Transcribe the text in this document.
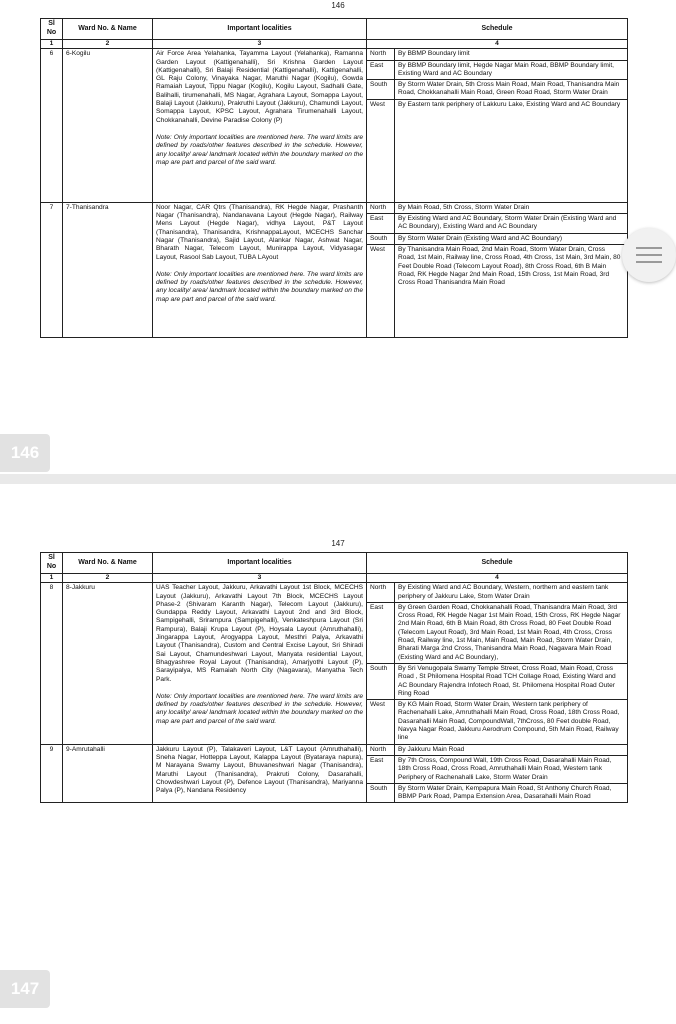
146
Sl No	Ward No. & Name	Important localities	Schedule	
1	2	3	4	
6	6-Kogilu	Air Force Area Yelahanka, Tayamma Layout (Yelahanka), Ramanna Garden Layout (Kattigenahalli), Sri Krishna Garden Layout (Kattigenahalli), Sri Balaji Residential (Kattigenahalli), Kattigenahalli, GL Raju Colony, Vinayaka Nagar, Maruthi Nagar (Kogilu), Gowda Ramaiah Layout, Tippu Nagar (Kogilu), Kogilu Layout, Sadhalli Gate, Balihalli, tirumenahalli, MS Nagar, Agrahara Layout, Somappa Layout, Balaji Layout (Jakkuru), Prakruthi Layout (Jakkuru), Chamundi Layout, Somappa Layout, KPSC Layout, Agrahara Tirumenahalli Layout, Chokkanahalli, Devine Paradise Colony (P)
Note: Only important localities are mentioned here. The ward limits are defined by roads/other features described in the schedule. However, any locality/ area/ landmark located within the boundary marked on the map are part and parcel of the said ward.	North	By BBMP Boundary limit
			East	By BBMP Boundary limit, Hegde Nagar Main Road, BBMP Boundary limit, Existing Ward and AC Boundary
			South	By Storm Water Drain, 5th Cross Main Road, Main Road, Thanisandra Main Road, Chokkanahalli Main Road, Green Road Road, Storm Water Drain
			West	By Eastern tank periphery of Lakkuru Lake, Existing Ward and AC Boundary
7	7-Thanisandra	Noor Nagar, CAR Qtrs (Thanisandra), RK Hegde Nagar, Prashanth Nagar (Thanisandra), Nandanavana Layout (Hegde Nagar), Railway Mens Layout (Hegde Nagar), vidhya Layout, P&T Layout (Thanisandra), Thanisandra, KrishnappaLayout, MCECHS Sanchar Nagar (Thanisandra), Sajid Layout, Alankar Nagar, Ashwat Nagar, Bharath Nagar, Telecom Layout, Munirappa Layout, Vidyasagar Layout, Rasool Sab Layout, TUBA LAyout
Note: Only important localities are mentioned here. The ward limits are defined by roads/other features described in the schedule. However, any locality/ area/ landmark located within the boundary marked on the map are part and parcel of the said ward.	North	By Main Road, 5th Cross, Storm Water Drain
			East	By Existing Ward and AC Boundary, Storm Water Drain (Existing Ward and AC Boundary), Existing Ward and AC Boundary
			South	By Storm Water Drain (Existing Ward and AC Boundary)
			West	By Thanisandra Main Road, 2nd Main Road, Storm Water Drain, Cross Road, 1st Main, Railway line, Cross Road, 4th Cross, 1st Main, 3rd Main, 80 Feet Double Road (Telecom Layout Road), 8th Cross Road, 6th B Main Road, RK Hegde Nagar 2nd Main Road, 15th Cross, 1st Main Road, 3rd Cross Road Thanisandra Main Road
146
147
Sl No	Ward No. & Name	Important localities	Schedule	
1	2	3	4	
8	8-Jakkuru	UAS Teacher Layout, Jakkuru, Arkavathi Layout 1st Block, MCECHS Layout (Jakkuru), Arkavathi Layout 7th Block, MCECHS Layout Phase-2 (Shivaram Karanth Nagar), Telecom Layout (Jakkuru), Gundappa Reddy Layout, Arkavathi Layout 2nd and 3rd Block, Sampigehalli, Srirampura (Sampigehalli), Venkateshpura Layout (Sri Rampura), Balaji Krupa Layout (P), Hoysala Layout (Amruthahalli), Jingarappa Layout, Arogyappa Layout, Mesthri Palya, Arkavathi Layout (Thanisandra), Custom and Central Excise Layout, Sri Shiradi Sai Layout, Chamundeshwari Layout, Manyata residential Layout, Bhagyashree Royal Layout (Thanisandra), Amarjyothi Layout (P), Sarayipalya, MS Ramaiah North City (Nagavara), Manyatha Tech Park.
Note: Only important localities are mentioned here. The ward limits are defined by roads/other features described in the schedule. However, any locality/ area/ landmark located within the boundary marked on the map are part and parcel of the said ward.	North	By Existing Ward and AC Boundary, Western, northern and eastern tank periphery of Jakkuru Lake, Stom Water Drain
			East	By Green Garden Road, Chokkanahalli Road, Thanisandra Main Road, 3rd Cross Road, RK Hegde Nagar 1st Main Road, 15th Cross, RK Hegde Nagar 2nd Main Road, 6th B Main Road, 8th Cross Road, 80 Feet Double Road (Telecom Layout Road), 3rd Main Road, 1st Main Road, 4th Cross, Cross Road, Railway line, 1st Main, Main Road, Main Road, Storm Water Drain, Bharati Marga 2nd Cross, Thanisandra Main Road, Nagavara Main Road (Existing Ward and AC Boundary),
			South	By Sri Venugopala Swamy Temple Street, Cross Road, Main Road, Cross Road , St Philomena Hospital Road TCH Collage Road, Existing Ward and AC Boundary Rajendra Infotech Road, St. Philomena Hospital Road Outer Ring Road
			West	By KG Main Road, Storm Water Drain, Western tank periphery of Rachenahalli Lake, Amruthahalli Main Road, Cross Road, 18th Cross Road, Dasarahalli Main Road, CompoundWall, 7thCross, 80 Feet double Road, Navya Nagar Road, Jakkuru Aerodrum Compound, 5th Main Road, Railway line
9	9-Amrutahalli	Jakkuru Layout (P), Talakaveri Layout, L&T Layout (Amruthahalli), Sneha Nagar, Hotteppa Layout, Kalappa Layout (Byataraya napura), M Narayana Swamy Layout, Bhuvaneshwari Nagar (Thanisandra), Maruthi Layout (Thanisandra), Prakruti Colony, Dasarahalli, Chowdeshwari Layout (P), Defence Layout (Thanisandra), Mariyanna Palya (P), Nandana Residency	North	By Jakkuru Main Road
			East	By 7th Cross, Compound Wall, 19th Cross Road, Dasarahalli Main Road, 18th Cross Road, Cross Road, Amruthahalli Main Road, Western tank Periphery of Rachenahalli Lake, Storm Water Drain
			South	By Storm Water Drain, Kempapura Main Road, St Anthony Church Road, BBMP Park Road, Pampa Extension Area, Dasarahalli Main Road
147
